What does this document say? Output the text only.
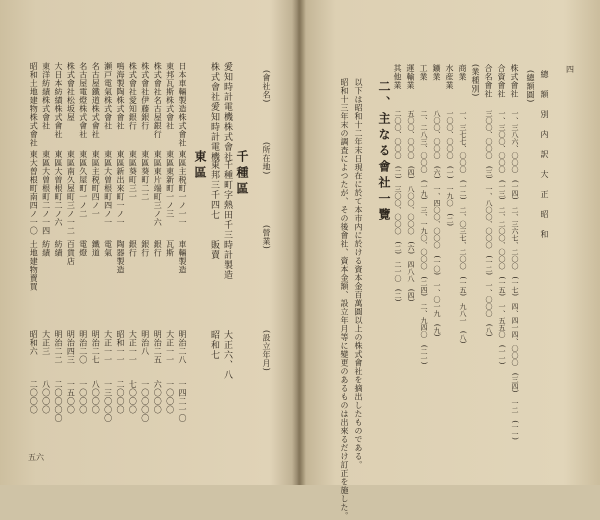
(會社名)
(所在地)
(營業)
(設立年月)
千種區
愛知時計電機株式會社
千種町字熱田千三
時計製造
大正六、八
株式會社愛知時計電機
東邦三千四七
販賣
昭和七
東區
日本車輛製造株式會社
東區主税町一ノ一一
車輛製造
明治二八
一四二一〇
東邦瓦斯株式會社
東區東新町一ノ三
瓦斯
大正一一
一〇〇〇
株式會社名古屋銀行
東區東片端町三ノ六
銀行
明治二五
六〇〇〇
株式會社伊藤銀行
東區葵町二二
銀行
明治八
一〇〇〇〇
株式會社愛知銀行
東區葵町三一
銀行
大正一一
七〇〇〇
鳴海製陶株式會社
東區新出來町一ノ一
陶器製造
昭和一一
二〇〇〇
瀬戸電氣株式會社
東區大曽根町四ノ一
電氣
大正一一
一三〇〇〇
名古屋鐵道株式會社
東區主税町四ノ一
鐵道
明治二七
八〇〇〇
名古屋電燈株式會社
東區久屋町一ノ二
電燈
明治二〇
一〇〇〇
株式會社松坂屋
東區南久屋町三ノ一二
百貨店
明治四三
一五〇〇
大日本紡績株式會社
東區大曽根町二ノ六
紡績
明治二二
二〇〇〇〇
東洋紡績株式會社
東區大曽根町二ノ一四
紡績
大正三
八〇〇〇
昭和土地建物株式會社
東大曽根町南四ノ一〇
土地建物賣買
昭和六
二〇〇〇
五六
四
總　額　別　内　訳　大　正　昭　和
(總額圓)
株式會社
一、三八六、〇〇〇　(一四)　二、三六七、二〇〇　(一七)　四、四一四、〇〇〇　(三四)　一二　(一一)
合資會社
一、三〇〇、〇〇〇　(一三)　二、二〇〇、〇〇〇　(一五)　一、五五〇　(一一)
合名會社
三〇〇、〇〇〇　(三)　一、八〇〇、〇〇〇　(一二)　一、〇〇〇　(八)
(業種別)
商業
一、三七七、〇〇〇　(一二)　二、〇三七、二〇〇　(一五)　九八一　(八)
水産業
一〇〇、〇〇〇　(一)　一九〇　(二)
鑛業
八〇〇、〇〇〇　(六)　一、四〇〇、〇〇〇　(一〇)　一、〇一九　(九)
工業
二、二八三、〇〇〇　(一九)　三、一九〇、〇〇〇　(二四)　二、九四〇　(二一)
運輸業
五〇〇、〇〇〇　(四)　八〇〇、〇〇〇　(六)　四八八　(四)
其他業
二〇〇、〇〇〇　(二)　三〇〇、〇〇〇　(二)　二一〇　(二)
二、主なる會社一覽
以下は昭和十二年末日現在に於て本市内に於ける資本金百萬圓以上の株式會社を摘出したものである。
昭和十三年末の調査によつたが、その後會社、資本金額、設立年月等に變更のあるものは出來るだけ訂正を施した。
